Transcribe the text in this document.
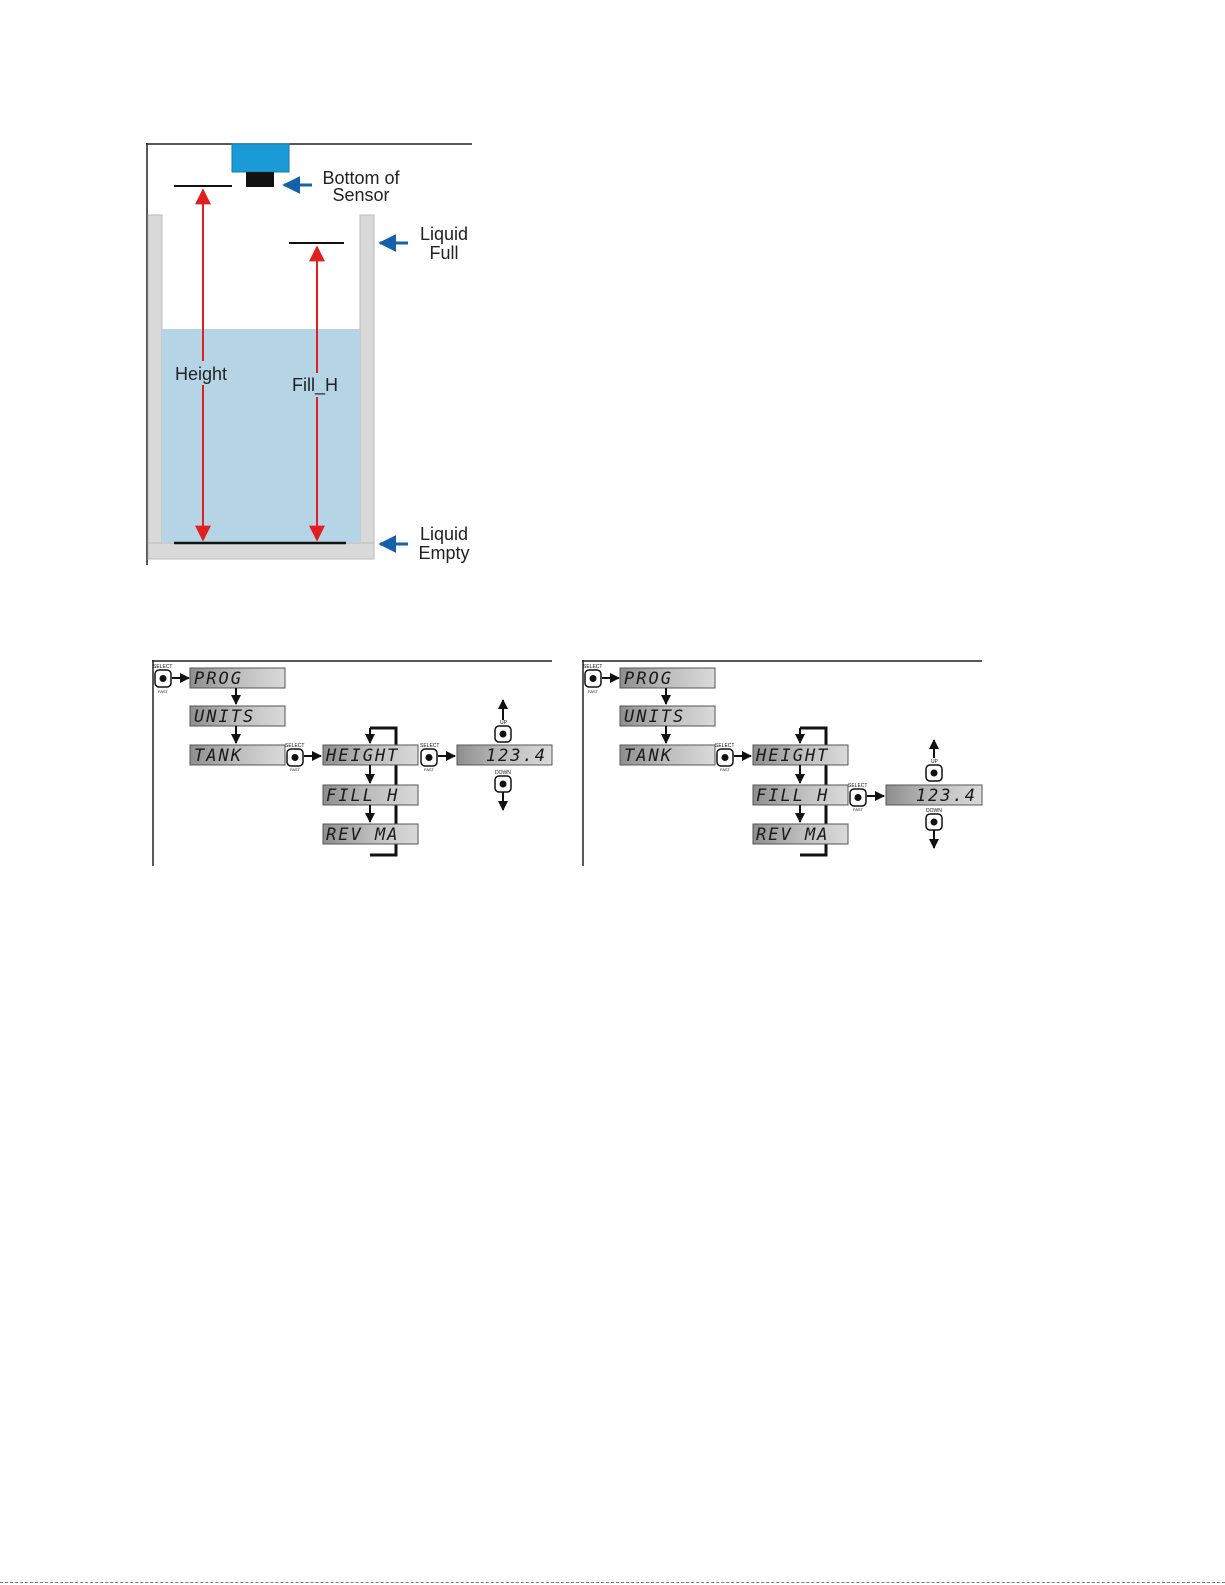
Height
Fill_H
Bottom of
Sensor
Liquid
Full
Liquid
Empty
SELECT
FAST
PROG
UNITS
TANK	SELECT
FAST
HEIGHT
FILL H
REV MA
SELECT
FAST
123.4
UP
DOWN
SELECT
FAST
PROG
UNITS
TANK	SELECT
FAST
HEIGHT
FILL H
REV MA
SELECT
FAST
123.4
UP
DOWN
